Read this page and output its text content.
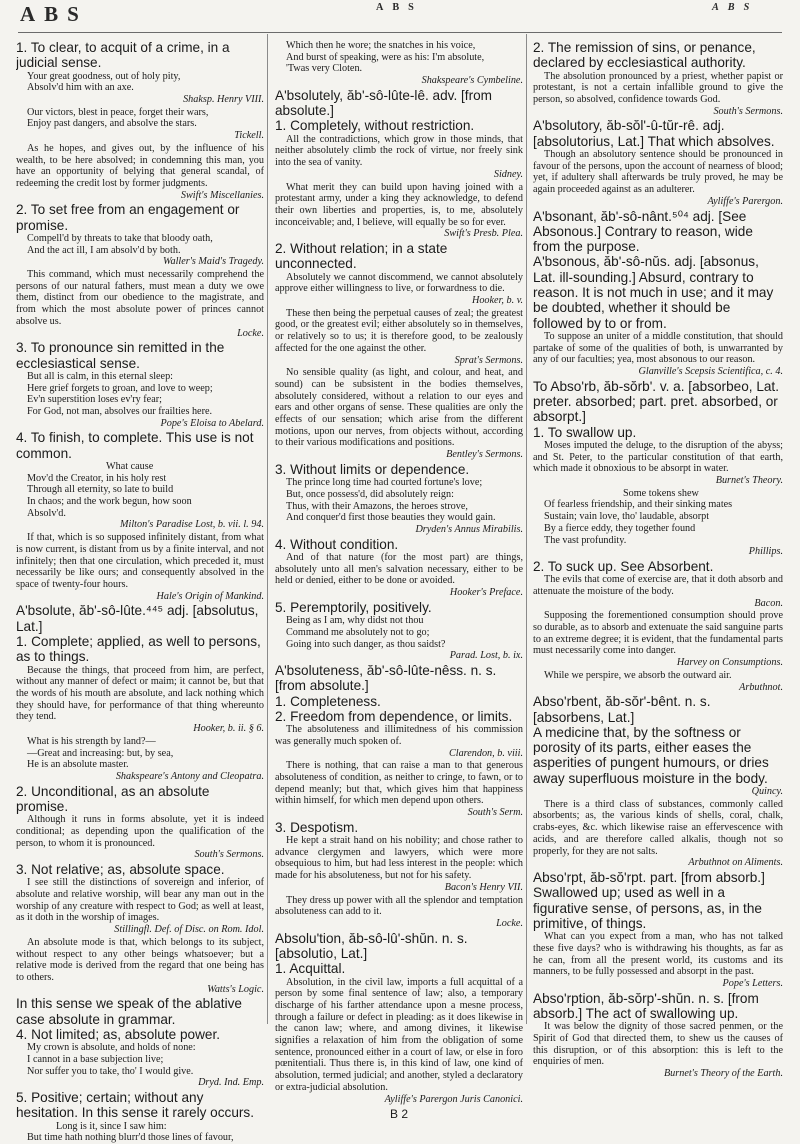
ABS	ABS	ABS

1. To clear, to acquit of a crime, in a judicial sense.

Your great goodness, out of holy pity,

Absolv'd him with an axe.

Shaksp. Henry VIII.

Our victors, blest in peace, forget their wars,

Enjoy past dangers, and absolve the stars.

Tickell.

As he hopes, and gives out, by the influence of his wealth, to be here absolved; in condemning this man, you have an opportunity of belying that general scandal, of redeeming the credit lost by former judgments.

Swift's Miscellanies.

2. To set free from an engagement or promise.

Compell'd by threats to take that bloody oath,

And the act ill, I am absolv'd by both.

Waller's Maid's Tragedy.

This command, which must necessarily comprehend the persons of our natural fathers, must mean a duty we owe them, distinct from our obedience to the magistrate, and from which the most absolute power of princes cannot absolve us.

Locke.

3. To pronounce sin remitted in the ecclesiastical sense.

But all is calm, in this eternal sleep:

Here grief forgets to groan, and love to weep;

Ev'n superstition loses ev'ry fear;

For God, not man, absolves our frailties here.

Pope's Eloisa to Abelard.

4. To finish, to complete. This use is not common.

What cause

Mov'd the Creator, in his holy rest

Through all eternity, so late to build

In chaos; and the work begun, how soon

Absolv'd.

Milton's Paradise Lost, b. vii. l. 94.

If that, which is so supposed infinitely distant, from what is now current, is distant from us by a finite interval, and not infinitely; then that one circulation, which preceded it, must necessarily be like ours; and consequently absolved in the space of twenty-four hours.

Hale's Origin of Mankind.

A'bsolute, ăb'-sô-lûte.⁴⁴⁵ adj. [absolutus, Lat.]

1. Complete; applied, as well to persons, as to things.

Because the things, that proceed from him, are perfect, without any manner of defect or maim; it cannot be, but that the words of his mouth are absolute, and lack nothing which they should have, for performance of that thing whereunto they tend.

Hooker, b. ii. § 6.

What is his strength by land?—

—Great and increasing: but, by sea,

He is an absolute master.

Shakspeare's Antony and Cleopatra.

2. Unconditional, as an absolute promise.

Although it runs in forms absolute, yet it is indeed conditional; as depending upon the qualification of the person, to whom it is pronounced.

South's Sermons.

3. Not relative; as, absolute space.

I see still the distinctions of sovereign and inferior, of absolute and relative worship, will bear any man out in the worship of any creature with respect to God; as well at least, as it doth in the worship of images.

Stillingfl. Def. of Disc. on Rom. Idol.

An absolute mode is that, which belongs to its subject, without respect to any other beings whatsoever; but a relative mode is derived from the regard that one being has to others.

Watts's Logic.

In this sense we speak of the ablative case absolute in grammar.

4. Not limited; as, absolute power.

My crown is absolute, and holds of none:

I cannot in a base subjection live;

Nor suffer you to take, tho' I would give.

Dryd. Ind. Emp.

5. Positive; certain; without any hesitation. In this sense it rarely occurs.

Long is it, since I saw him:

But time hath nothing blurr'd those lines of favour,

Which then he wore; the snatches in his voice,

And burst of speaking, were as his: I'm absolute,

'Twas very Cloten.

Shakspeare's Cymbeline.

A'bsolutely, ăb'-sô-lûte-lê. adv. [from absolute.]

1. Completely, without restriction.

All the contradictions, which grow in those minds, that neither absolutely climb the rock of virtue, nor freely sink into the sea of vanity.

Sidney.

What merit they can build upon having joined with a protestant army, under a king they acknowledge, to defend their own liberties and properties, is, to me, absolutely inconceivable; and, I believe, will equally be so for ever.

Swift's Presb. Plea.

2. Without relation; in a state unconnected.

Absolutely we cannot discommend, we cannot absolutely approve either willingness to live, or forwardness to die.

Hooker, b. v.

These then being the perpetual causes of zeal; the greatest good, or the greatest evil; either absolutely so in themselves, or relatively so to us; it is therefore good, to be zealously affected for the one against the other.

Sprat's Sermons.

No sensible quality (as light, and colour, and heat, and sound) can be subsistent in the bodies themselves, absolutely considered, without a relation to our eyes and ears and other organs of sense. These qualities are only the effects of our sensation; which arise from the different motions, upon our nerves, from objects without, according to their various modifications and positions.

Bentley's Sermons.

3. Without limits or dependence.

The prince long time had courted fortune's love;

But, once possess'd, did absolutely reign:

Thus, with their Amazons, the heroes strove,

And conquer'd first those beauties they would gain.

Dryden's Annus Mirabilis.

4. Without condition.

And of that nature (for the most part) are things, absolutely unto all men's salvation necessary, either to be held or denied, either to be done or avoided.

Hooker's Preface.

5. Peremptorily, positively.

Being as I am, why didst not thou

Command me absolutely not to go;

Going into such danger, as thou saidst?

Parad. Lost, b. ix.

A'bsoluteness, ăb'-sô-lûte-nêss. n. s. [from absolute.]

1. Completeness.

2. Freedom from dependence, or limits.

The absoluteness and illimitedness of his commission was generally much spoken of.

Clarendon, b. viii.

There is nothing, that can raise a man to that generous absoluteness of condition, as neither to cringe, to fawn, or to depend meanly; but that, which gives him that happiness within himself, for which men depend upon others.

South's Serm.

3. Despotism.

He kept a strait hand on his nobility; and chose rather to advance clergymen and lawyers, which were more obsequious to him, but had less interest in the people: which made for his absoluteness, but not for his safety.

Bacon's Henry VII.

They dress up power with all the splendor and temptation absoluteness can add to it.

Locke.

Absolu'tion, ăb-sô-lû'-shŭn. n. s. [absolutio, Lat.]

1. Acquittal.

Absolution, in the civil law, imports a full acquittal of a person by some final sentence of law; also, a temporary discharge of his farther attendance upon a mesne process, through a failure or defect in pleading: as it does likewise in the canon law; where, and among divines, it likewise signifies a relaxation of him from the obligation of some sentence, pronounced either in a court of law, or else in foro pœnitentiali. Thus there is, in this kind of law, one kind of absolution, termed judicial; and another, styled a declaratory or extra-judicial absolution.

Ayliffe's Parergon Juris Canonici.

B 2

2. The remission of sins, or penance, declared by ecclesiastical authority.

The absolution pronounced by a priest, whether papist or protestant, is not a certain infallible ground to give the person, so absolved, confidence towards God.

South's Sermons.

A'bsolutory, ăb-sŏl'-û-tŭr-rê. adj. [absolutorius, Lat.] That which absolves.

Though an absolutory sentence should be pronounced in favour of the persons, upon the account of nearness of blood; yet, if adultery shall afterwards be truly proved, he may be again proceeded against as an adulterer.

Ayliffe's Parergon.

A'bsonant, ăb'-sô-nânt.⁵⁰⁴ adj. [See Absonous.] Contrary to reason, wide from the purpose.

A'bsonous, ăb'-sô-nŭs. adj. [absonus, Lat. ill-sounding.] Absurd, contrary to reason. It is not much in use; and it may be doubted, whether it should be followed by to or from.

To suppose an uniter of a middle constitution, that should partake of some of the qualities of both, is unwarranted by any of our faculties; yea, most absonous to our reason.

Glanville's Scepsis Scientifica, c. 4.

To Abso'rb, ăb-sŏrb'. v. a. [absorbeo, Lat. preter. absorbed; part. pret. absorbed, or absorpt.]

1. To swallow up.

Moses imputed the deluge, to the disruption of the abyss; and St. Peter, to the particular constitution of that earth, which made it obnoxious to be absorpt in water.

Burnet's Theory.

Some tokens shew

Of fearless friendship, and their sinking mates

Sustain; vain love, tho' laudable, absorpt

By a fierce eddy, they together found

The vast profundity.

Phillips.

2. To suck up. See Absorbent.

The evils that come of exercise are, that it doth absorb and attenuate the moisture of the body.

Bacon.

Supposing the forementioned consumption should prove so durable, as to absorb and extenuate the said sanguine parts to an extreme degree; it is evident, that the fundamental parts must necessarily come into danger.

Harvey on Consumptions.

While we perspire, we absorb the outward air.

Arbuthnot.

Abso'rbent, ăb-sŏr'-bênt. n. s. [absorbens, Lat.]

A medicine that, by the softness or porosity of its parts, either eases the asperities of pungent humours, or dries away superfluous moisture in the body.

Quincy.

There is a third class of substances, commonly called absorbents; as, the various kinds of shells, coral, chalk, crabs-eyes, &c. which likewise raise an effervescence with acids, and are therefore called alkalis, though not so properly, for they are not salts.

Arbuthnot on Aliments.

Abso'rpt, ăb-sŏ'rpt. part. [from absorb.] Swallowed up; used as well in a figurative sense, of persons, as, in the primitive, of things.

What can you expect from a man, who has not talked these five days? who is withdrawing his thoughts, as far as he can, from all the present world, its customs and its manners, to be fully possessed and absorpt in the past.

Pope's Letters.

Abso'rption, ăb-sŏrp'-shŭn. n. s. [from absorb.] The act of swallowing up.

It was below the dignity of those sacred penmen, or the Spirit of God that directed them, to shew us the causes of this disruption, or of this absorption: this is left to the enquiries of men.

Burnet's Theory of the Earth.
